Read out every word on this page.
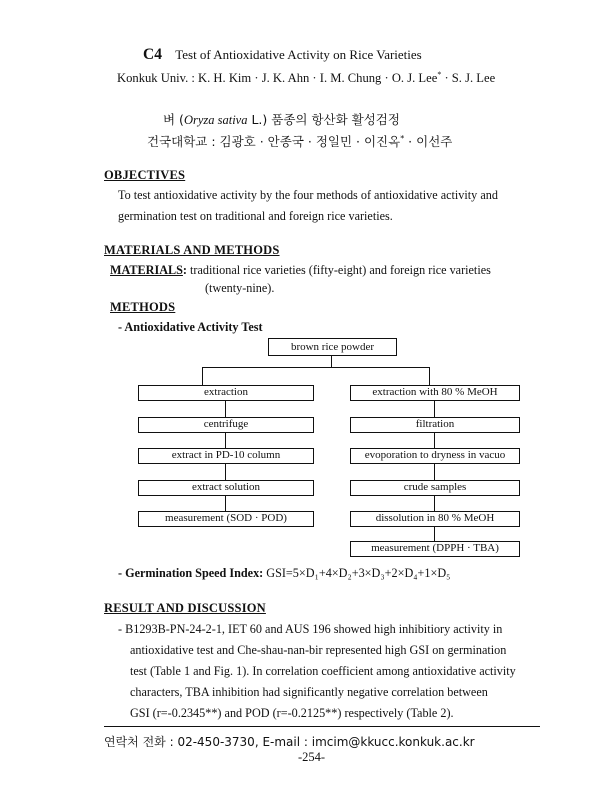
C4 Test of Antioxidative Activity on Rice Varieties
Konkuk Univ. : K. H. Kim · J. K. Ahn · I. M. Chung · O. J. Lee* · S. J. Lee
벼 (Oryza sativa L.) 품종의 항산화 활성검정
건국대학교 : 김광호 · 안종국 · 정일민 · 이진옥* · 이선주
OBJECTIVES
To test antioxidative activity by the four methods of antioxidative activity and
germination test on traditional and foreign rice varieties.
MATERIALS AND METHODS
MATERIALS: traditional rice varieties (fifty-eight) and foreign rice varieties
(twenty-nine).
METHODS
- Antioxidative Activity Test
brown rice powder
extraction
centrifuge
extract in PD-10 column
extract solution
measurement (SOD · POD)
extraction with 80 % MeOH
filtration
evoporation to dryness in vacuo
crude samples
dissolution in 80 % MeOH
measurement (DPPH · TBA)
- Germination Speed Index: GSI=5×D₁+4×D₂+3×D₃+2×D₄+1×D₅
RESULT AND DISCUSSION
- B1293B-PN-24-2-1, IET 60 and AUS 196 showed high inhibitiory activity in
antioxidative test and Che-shau-nan-bir represented high GSI on germination
test (Table 1 and Fig. 1). In correlation coefficient among antioxidative activity
characters, TBA inhibition had significantly negative correlation between
GSI (r=-0.2345**) and POD (r=-0.2125**) respectively (Table 2).
연락처 전화 : 02-450-3730, E-mail : imcim@kkucc.konkuk.ac.kr
-254-
